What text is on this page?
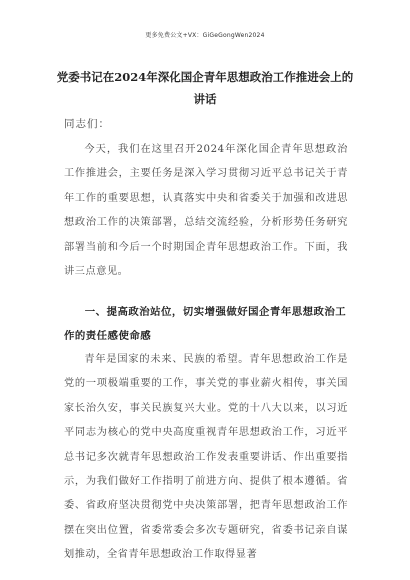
更多免费公文+VX：GiGeGongWen2024
党委书记在2024年深化国企青年思想政治工作推进会上的讲话
同志们：

今天，我们在这里召开2024年深化国企青年思想政治工作推进会，主要任务是深入学习贯彻习近平总书记关于青年工作的重要思想，认真落实中央和省委关于加强和改进思想政治工作的决策部署，总结交流经验，分析形势任务研究部署当前和今后一个时期国企青年思想政治工作。下面，我讲三点意见。

一、提高政治站位，切实增强做好国企青年思想政治工作的责任感使命感

青年是国家的未来、民族的希望。青年思想政治工作是党的一项极端重要的工作，事关党的事业薪火相传，事关国家长治久安，事关民族复兴大业。党的十八大以来，以习近平同志为核心的党中央高度重视青年思想政治工作，习近平总书记多次就青年思想政治工作发表重要讲话、作出重要指示，为我们做好工作指明了前进方向、提供了根本遵循。省委、省政府坚决贯彻党中央决策部署，把青年思想政治工作摆在突出位置，省委常委会多次专题研究，省委书记亲自谋划推动，全省青年思想政治工作取得显著
